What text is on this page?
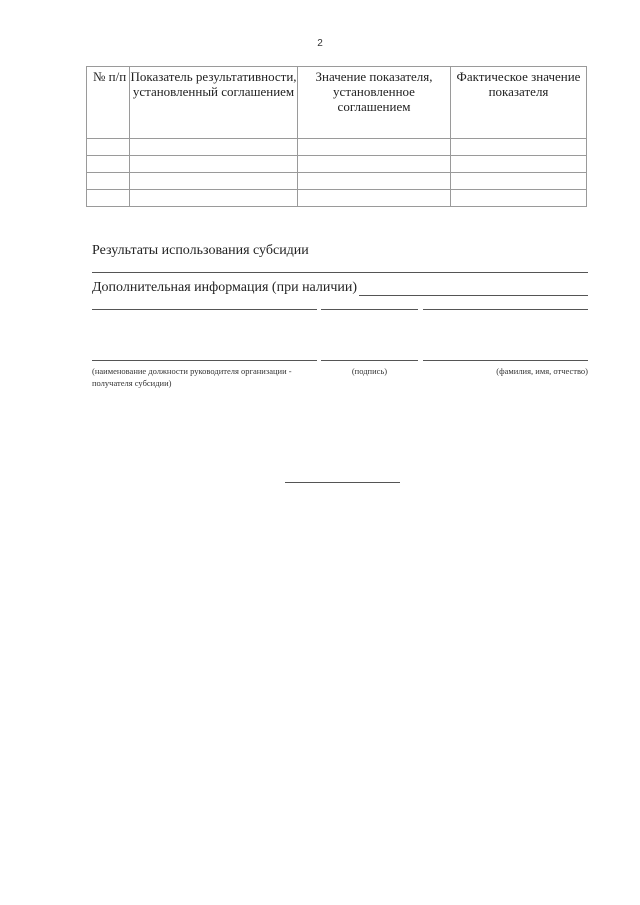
2
№ п/п	Показатель результативности, установленный соглашением	Значение показателя, установленное соглашением	Фактическое значение показателя

Результаты использования субсидии
Дополнительная информация (при наличии)
(наименование должности руководителя организации - получателя субсидии)
(подпись)	(фамилия, имя, отчество)
